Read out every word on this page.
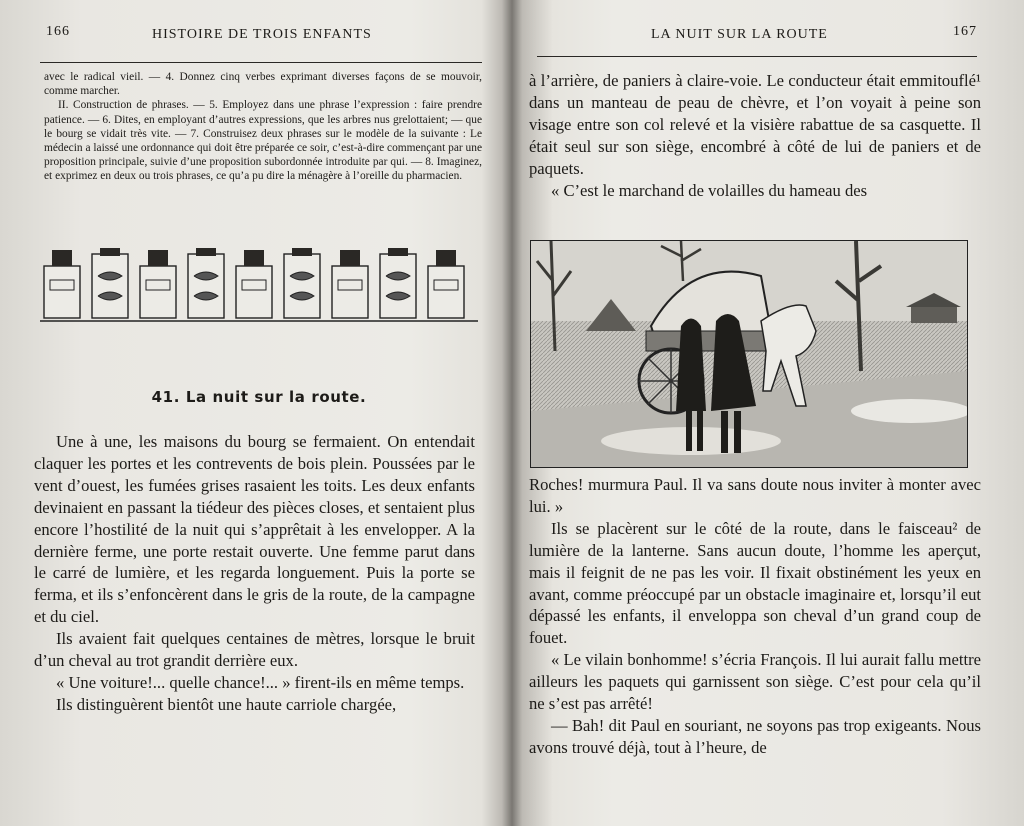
166	HISTOIRE DE TROIS ENFANTS

avec le radical vieil. — 4. Donnez cinq verbes exprimant diverses façons de se mouvoir, comme marcher.

II. Construction de phrases. — 5. Employez dans une phrase l’expression : faire prendre patience. — 6. Dites, en employant d’autres expressions, que les arbres nus grelottaient; — que le bourg se vidait très vite. — 7. Construisez deux phrases sur le modèle de la suivante : Le médecin a laissé une ordonnance qui doit être préparée ce soir, c’est-à-dire commençant par une proposition principale, suivie d’une proposition subordonnée introduite par qui. — 8. Imaginez, et exprimez en deux ou trois phrases, ce qu’a pu dire la ménagère à l’oreille du pharmacien.

41. La nuit sur la route.

Une à une, les maisons du bourg se fermaient. On entendait claquer les portes et les contrevents de bois plein. Poussées par le vent d’ouest, les fumées grises rasaient les toits. Les deux enfants devinaient en passant la tiédeur des pièces closes, et sentaient plus encore l’hostilité de la nuit qui s’apprêtait à les envelopper. A la dernière ferme, une porte restait ouverte. Une femme parut dans le carré de lumière, et les regarda longuement. Puis la porte se ferma, et ils s’enfoncèrent dans le gris de la route, de la campagne et du ciel.

Ils avaient fait quelques centaines de mètres, lorsque le bruit d’un cheval au trot grandit derrière eux.

« Une voiture!... quelle chance!... » firent-ils en même temps.

Ils distinguèrent bientôt une haute carriole chargée,

LA NUIT SUR LA ROUTE	167

à l’arrière, de paniers à claire-voie. Le conducteur était emmitouflé¹ dans un manteau de peau de chèvre, et l’on voyait à peine son visage entre son col relevé et la visière rabattue de sa casquette. Il était seul sur son siège, encombré à côté de lui de paniers et de paquets.

« C’est le marchand de volailles du hameau des

Roches! murmura Paul. Il va sans doute nous inviter à monter avec lui. »

Ils se placèrent sur le côté de la route, dans le faisceau² de lumière de la lanterne. Sans aucun doute, l’homme les aperçut, mais il feignit de ne pas les voir. Il fixait obstinément les yeux en avant, comme préoccupé par un obstacle imaginaire et, lorsqu’il eut dépassé les enfants, il enveloppa son cheval d’un grand coup de fouet.

« Le vilain bonhomme! s’écria François. Il lui aurait fallu mettre ailleurs les paquets qui garnissent son siège. C’est pour cela qu’il ne s’est pas arrêté!

— Bah! dit Paul en souriant, ne soyons pas trop exigeants. Nous avons trouvé déjà, tout à l’heure, de
